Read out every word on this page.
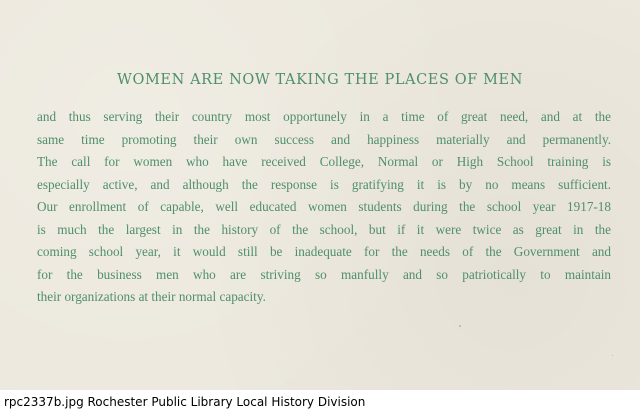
WOMEN ARE NOW TAKING THE PLACES OF MEN
and thus serving their country most opportunely in a time of great need, and at the
same time promoting their own success and happiness materially and permanently.
The call for women who have received College, Normal or High School training is
especially active, and although the response is gratifying it is by no means sufficient.
Our enrollment of capable, well educated women students during the school year 1917-18
is much the largest in the history of the school, but if it were twice as great in the
coming school year, it would still be inadequate for the needs of the Government and
for the business men who are striving so manfully and so patriotically to maintain
their organizations at their normal capacity.
rpc2337b.jpg Rochester Public Library Local History Division
